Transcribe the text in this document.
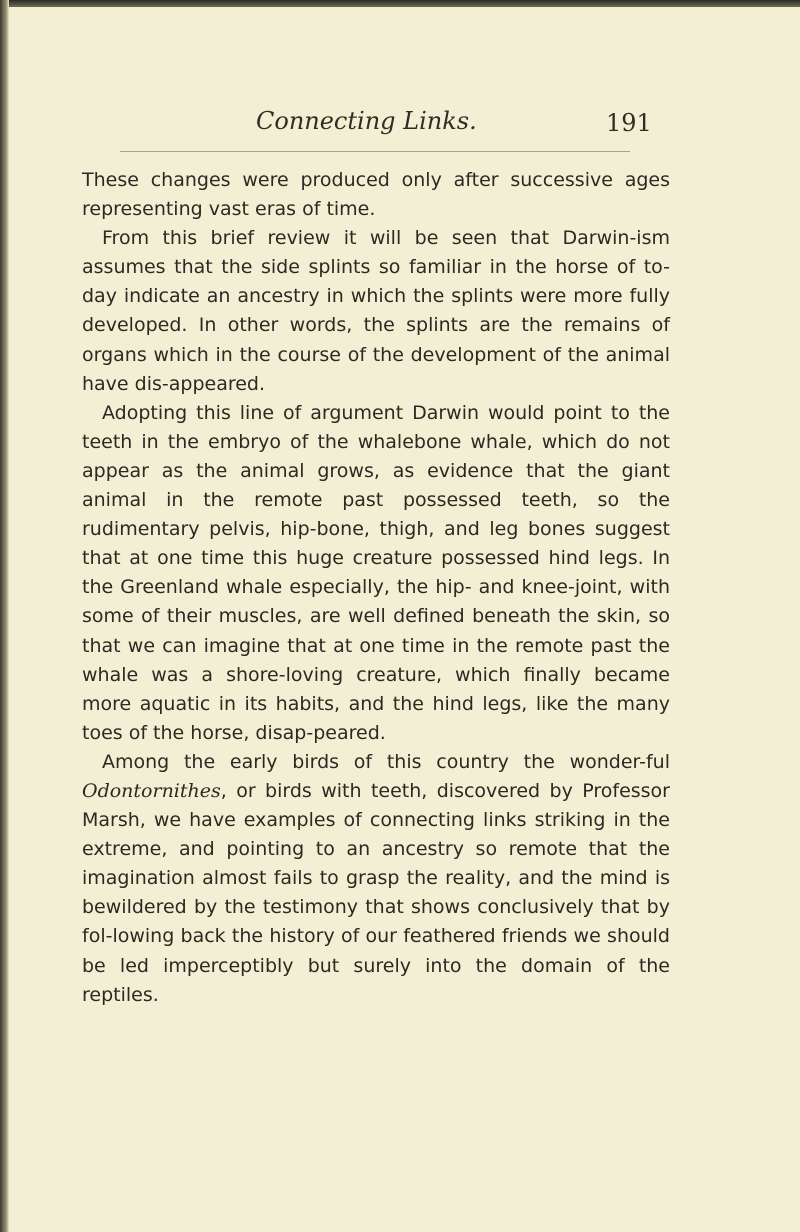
Connecting Links.	191

These changes were produced only after successive ages representing vast eras of time.

From this brief review it will be seen that Darwin-ism assumes that the side splints so familiar in the horse of to-day indicate an ancestry in which the splints were more fully developed. In other words, the splints are the remains of organs which in the course of the development of the animal have dis-appeared.

Adopting this line of argument Darwin would point to the teeth in the embryo of the whalebone whale, which do not appear as the animal grows, as evidence that the giant animal in the remote past possessed teeth, so the rudimentary pelvis, hip-bone, thigh, and leg bones suggest that at one time this huge creature possessed hind legs. In the Greenland whale especially, the hip- and knee-joint, with some of their muscles, are well defined beneath the skin, so that we can imagine that at one time in the remote past the whale was a shore-loving creature, which finally became more aquatic in its habits, and the hind legs, like the many toes of the horse, disap-peared.

Among the early birds of this country the wonder-ful Odontornithes, or birds with teeth, discovered by Professor Marsh, we have examples of connecting links striking in the extreme, and pointing to an ancestry so remote that the imagination almost fails to grasp the reality, and the mind is bewildered by the testimony that shows conclusively that by fol-lowing back the history of our feathered friends we should be led imperceptibly but surely into the domain of the reptiles.
